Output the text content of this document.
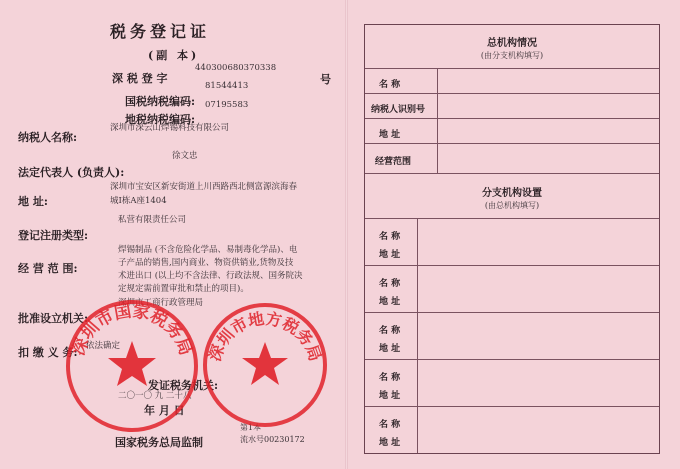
税务登记证
(副 本)
深 税 登 字
440300680370338
号
国税纳税编码:
81544413
地税纳税编码:
07195583
深圳市深云山焊锡科技有限公司
纳税人名称:
徐文忠
法定代表人 (负责人):
深圳市宝安区新安街道上川西路西北侧富源滨海春
地 址:	城I栋A座1404
私营有限责任公司
登记注册类型:
焊锡制品 (不含危险化学品、易制毒化学品)、电
经 营 范 围:	子产品的销售,国内商业、物资供销业,货物及技
术进出口 (以上均不含法律、行政法规、国务院决
定规定需前置审批和禁止的项目)。
深圳市工商行政管理局
批准设立机关:
扣 缴 义 务: 依法确定
发证税务机关:
二〇一〇 九 二十八
年 月 日
第1本
流水号00230172
国家税务总局监制
深圳市国家税务局 深圳市地方税务局
总机构情况
(由分支机构填写)
名 称
纳税人识别号
地 址
经营范围
分支机构设置
(由总机构填写)
名 称
地 址
名 称
地 址
名 称
地 址
名 称
地 址
名 称
地 址
